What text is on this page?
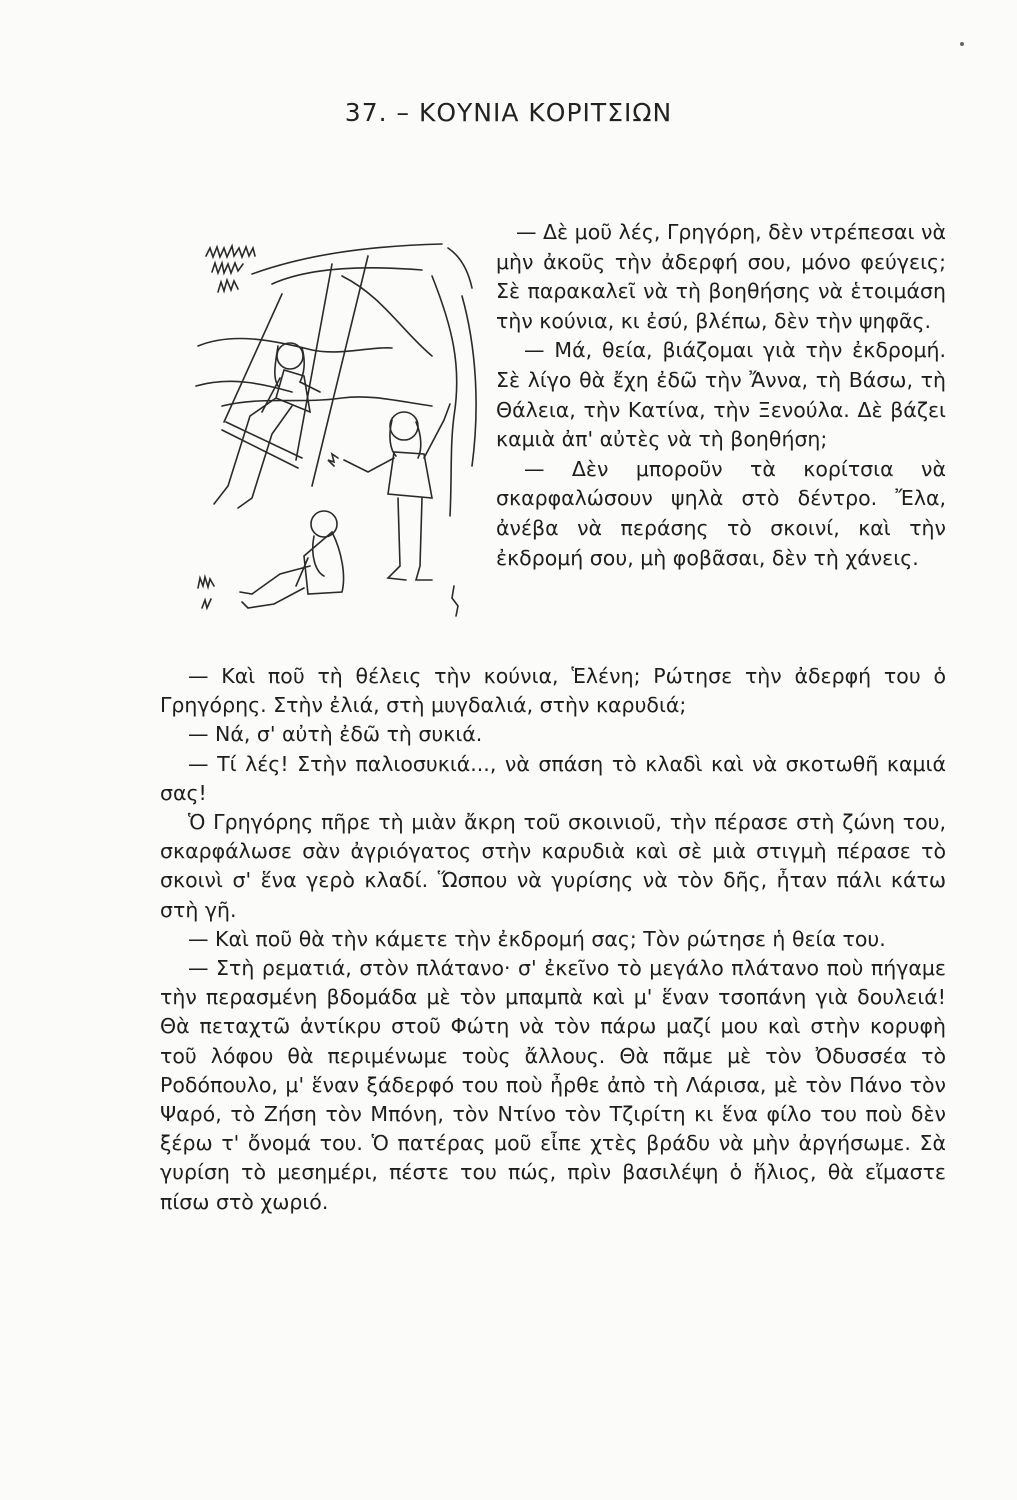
37. – ΚΟΥΝΙΑ ΚΟΡΙΤΣΙΩΝ

— Δὲ μοῦ λές, Γρηγόρη, δὲν ντρέπεσαι νὰ μὴν ἀκοῦς τὴν ἀδερφή σου, μόνο φεύγεις; Σὲ παρακαλεῖ νὰ τὴ βοηθήσης νὰ ἑτοιμάση τὴν κούνια, κι ἐσύ, βλέπω, δὲν τὴν ψηφᾶς.

— Μά, θεία, βιάζομαι γιὰ τὴν ἐκδρομή. Σὲ λίγο θὰ ἔχη ἐδῶ τὴν Ἄννα, τὴ Βάσω, τὴ Θάλεια, τὴν Κατίνα, τὴν Ξενούλα. Δὲ βάζει καμιὰ ἀπ' αὐτὲς νὰ τὴ βοηθήση;

— Δὲν μποροῦν τὰ κορίτσια νὰ σκαρφαλώσουν ψηλὰ στὸ δέντρο. Ἔλα, ἀνέβα νὰ περάσης τὸ σκοινί, καὶ τὴν ἐκδρομή σου, μὴ φοβᾶσαι, δὲν τὴ χάνεις.

— Καὶ ποῦ τὴ θέλεις τὴν κούνια, Ἑλένη; Ρώτησε τὴν ἀδερφή του ὁ Γρηγόρης. Στὴν ἐλιά, στὴ μυγδαλιά, στὴν καρυδιά;

— Νά, σ' αὐτὴ ἐδῶ τὴ συκιά.

— Τί λές! Στὴν παλιοσυκιά..., νὰ σπάση τὸ κλαδὶ καὶ νὰ σκοτωθῆ καμιά σας!

Ὁ Γρηγόρης πῆρε τὴ μιὰν ἄκρη τοῦ σκοινιοῦ, τὴν πέρασε στὴ ζώνη του, σκαρφάλωσε σὰν ἀγριόγατος στὴν καρυδιὰ καὶ σὲ μιὰ στιγμὴ πέρασε τὸ σκοινὶ σ' ἕνα γερὸ κλαδί. Ὥσπου νὰ γυρίσης νὰ τὸν δῆς, ἦταν πάλι κάτω στὴ γῆ.

— Καὶ ποῦ θὰ τὴν κάμετε τὴν ἐκδρομή σας; Τὸν ρώτησε ἡ θεία του.

— Στὴ ρεματιά, στὸν πλάτανο· σ' ἐκεῖνο τὸ μεγάλο πλάτανο ποὺ πήγαμε τὴν περασμένη βδομάδα μὲ τὸν μπαμπὰ καὶ μ' ἕναν τσοπάνη γιὰ δουλειά! Θὰ πεταχτῶ ἀντίκρυ στοῦ Φώτη νὰ τὸν πάρω μαζί μου καὶ στὴν κορυφὴ τοῦ λόφου θὰ περιμένωμε τοὺς ἄλλους. Θὰ πᾶμε μὲ τὸν Ὀδυσσέα τὸ Ροδόπουλο, μ' ἕναν ξάδερφό του ποὺ ἦρθε ἀπὸ τὴ Λάρισα, μὲ τὸν Πάνο τὸν Ψαρό, τὸ Ζήση τὸν Μπόνη, τὸν Ντίνο τὸν Τζιρίτη κι ἕνα φίλο του ποὺ δὲν ξέρω τ' ὄνομά του. Ὁ πατέρας μοῦ εἶπε χτὲς βράδυ νὰ μὴν ἀργήσωμε. Σὰ γυρίση τὸ μεσημέρι, πέστε του πώς, πρὶν βασιλέψη ὁ ἥλιος, θὰ εἴμαστε πίσω στὸ χωριό.
